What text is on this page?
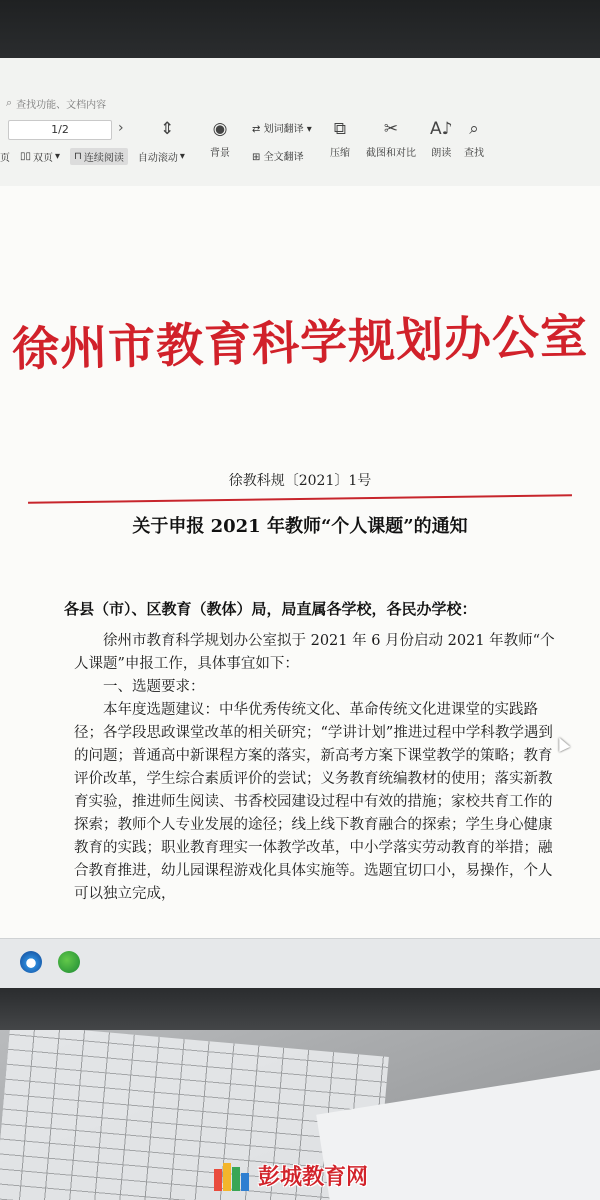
⌕ 查找功能、文档内容
1/2	›
页 ▯▯ 双页 ▾ ⊓ 连续阅读 自动滚动 ▾
⇕ ◉
背景
⇄ 划词翻译 ▾
⊞ 全文翻译
⧉
压缩
✂
截图和对比
A♪
朗读
⌕
查找
徐州市教育科学规划办公室
徐教科规〔2021〕1号
关于申报 2021 年教师“个人课题”的通知
各县（市）、区教育（教体）局，局直属各学校，各民办学校：

徐州市教育科学规划办公室拟于 2021 年 6 月份启动 2021 年教师“个人课题”申报工作，具体事宜如下：

一、选题要求：

本年度选题建议：中华优秀传统文化、革命传统文化进课堂的实践路径；各学段思政课堂改革的相关研究；“学讲计划”推进过程中学科教学遇到的问题；普通高中新课程方案的落实，新高考方案下课堂教学的策略；教育评价改革，学生综合素质评价的尝试；义务教育统编教材的使用；落实新教育实验，推进师生阅读、书香校园建设过程中有效的措施；家校共育工作的探索；教师个人专业发展的途径；线上线下教育融合的探索；学生身心健康教育的实践；职业教育理实一体教学改革，中小学落实劳动教育的举措；融合教育推进，幼儿园课程游戏化具体实施等。选题宜切口小，易操作，个人可以独立完成，

彭城教育网
